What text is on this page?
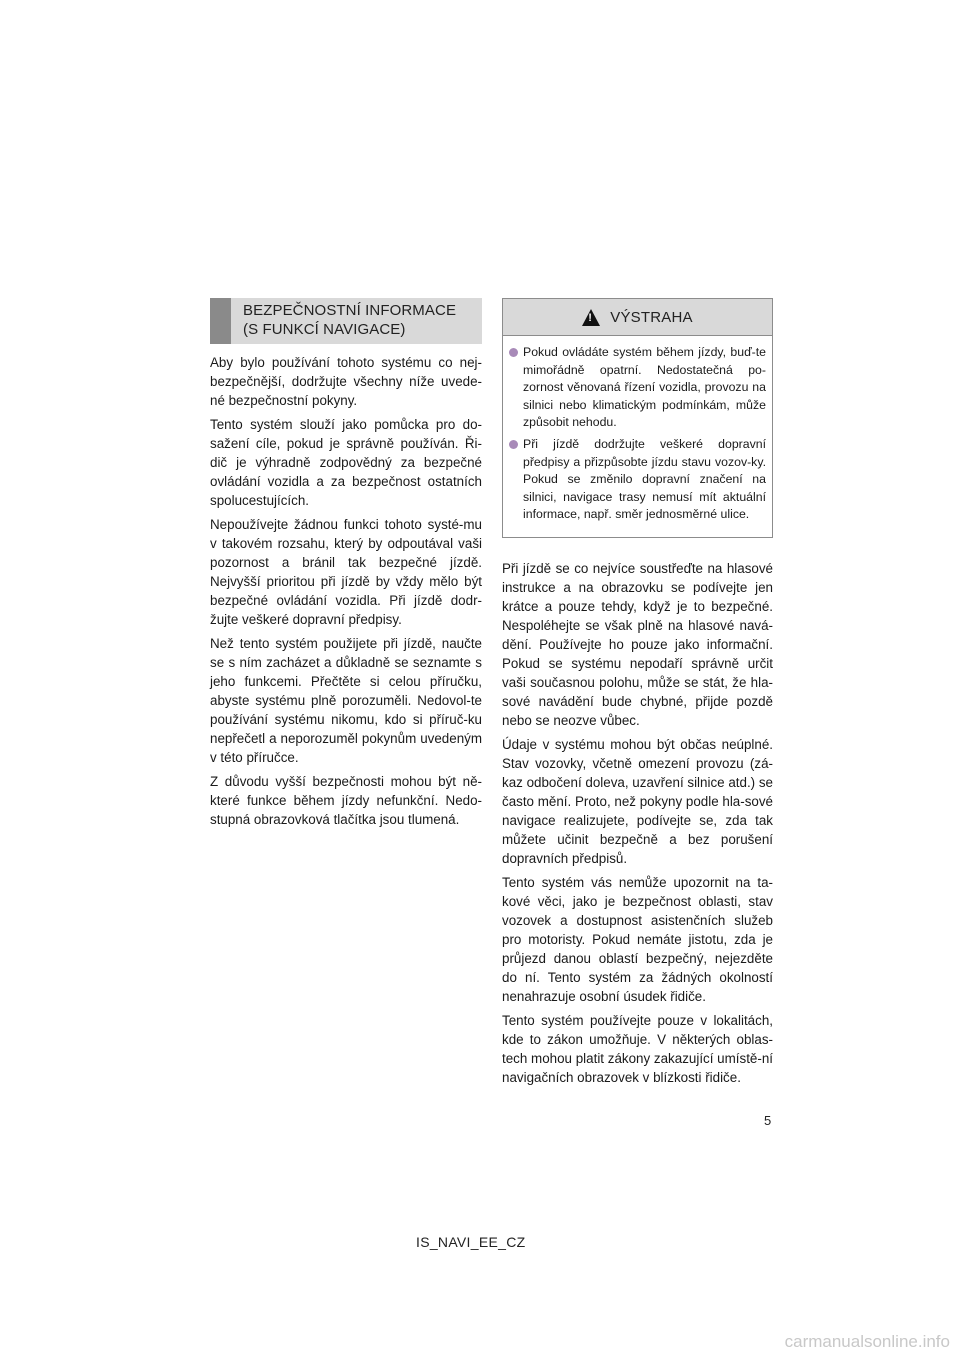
BEZPEČNOSTNÍ INFORMACE
(S FUNKCÍ NAVIGACE)

Aby bylo používání tohoto systému co nej-bezpečnější, dodržujte všechny níže uvede-né bezpečnostní pokyny.

Tento systém slouží jako pomůcka pro do-sažení cíle, pokud je správně používán. Ři-dič je výhradně zodpovědný za bezpečné ovládání vozidla a za bezpečnost ostatních spolucestujících.

Nepoužívejte žádnou funkci tohoto systé-mu v takovém rozsahu, který by odpoutával vaši pozornost a bránil tak bezpečné jízdě. Nejvyšší prioritou při jízdě by vždy mělo být bezpečné ovládání vozidla. Při jízdě dodr-žujte veškeré dopravní předpisy.

Než tento systém použijete při jízdě, naučte se s ním zacházet a důkladně se seznamte s jeho funkcemi. Přečtěte si celou příručku, abyste systému plně porozuměli. Nedovol-te používání systému nikomu, kdo si příruč-ku nepřečetl a neporozuměl pokynům uvedeným v této příručce.

Z důvodu vyšší bezpečnosti mohou být ně-které funkce během jízdy nefunkční. Nedo-stupná obrazovková tlačítka jsou tlumená.

!
VÝSTRAHA
Pokud ovládáte systém během jízdy, buď-te mimořádně opatrní. Nedostatečná po-zornost věnovaná řízení vozidla, provozu na silnici nebo klimatickým podmínkám, může způsobit nehodu.
Při jízdě dodržujte veškeré dopravní předpisy a přizpůsobte jízdu stavu vozov-ky. Pokud se změnilo dopravní značení na silnici, navigace trasy nemusí mít aktuální informace, např. směr jednosměrné ulice.

Při jízdě se co nejvíce soustřeďte na hlasové instrukce a na obrazovku se podívejte jen krátce a pouze tehdy, když je to bezpečné. Nespoléhejte se však plně na hlasové navá-dění. Používejte ho pouze jako informační. Pokud se systému nepodaří správně určit vaši současnou polohu, může se stát, že hla-sové navádění bude chybné, přijde pozdě nebo se neozve vůbec.

Údaje v systému mohou být občas neúplné. Stav vozovky, včetně omezení provozu (zá-kaz odbočení doleva, uzavření silnice atd.) se často mění. Proto, než pokyny podle hla-sové navigace realizujete, podívejte se, zda tak můžete učinit bezpečně a bez porušení dopravních předpisů.

Tento systém vás nemůže upozornit na ta-kové věci, jako je bezpečnost oblasti, stav vozovek a dostupnost asistenčních služeb pro motoristy. Pokud nemáte jistotu, zda je průjezd danou oblastí bezpečný, nejezděte do ní. Tento systém za žádných okolností nenahrazuje osobní úsudek řidiče.

Tento systém používejte pouze v lokalitách, kde to zákon umožňuje. V některých oblas-tech mohou platit zákony zakazující umístě-ní navigačních obrazovek v blízkosti řidiče.

5
IS_NAVI_EE_CZ
carmanualsonline.info
